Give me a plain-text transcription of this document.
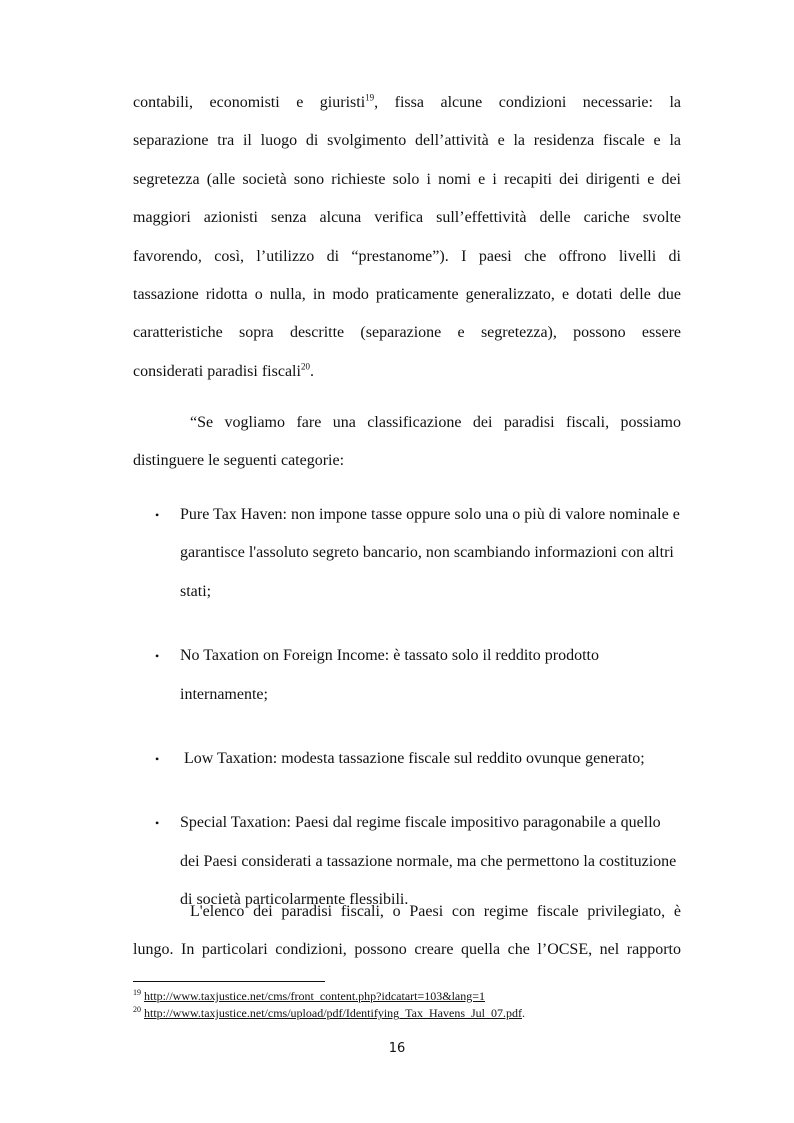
contabili, economisti e giuristi$^{19}$, fissa alcune condizioni necessarie: la
separazione tra il luogo di svolgimento dell’attività e la residenza fiscale e la
segretezza (alle società sono richieste solo i nomi e i recapiti dei dirigenti e dei
maggiori azionisti senza alcuna verifica sull’effettività delle cariche svolte
favorendo, così, l’utilizzo di “prestanome”). I paesi che offrono livelli di
tassazione ridotta o nulla, in modo praticamente generalizzato, e dotati delle due
caratteristiche sopra descritte (separazione e segretezza), possono essere
considerati paradisi fiscali$^{20}$.

“Se vogliamo fare una classificazione dei paradisi fiscali, possiamo
distinguere le seguenti categorie:

• Pure Tax Haven: non impone tasse oppure solo una o più di valore nominale e garantisce l'assoluto segreto bancario, non scambiando informazioni con altri stati;
• No Taxation on Foreign Income: è tassato solo il reddito prodotto internamente;
• Low Taxation: modesta tassazione fiscale sul reddito ovunque generato;
• Special Taxation: Paesi dal regime fiscale impositivo paragonabile a quello dei Paesi considerati a tassazione normale, ma che permettono la costituzione di società particolarmente flessibili.

L'elenco dei paradisi fiscali, o Paesi con regime fiscale privilegiato, è
lungo. In particolari condizioni, possono creare quella che l’OCSE, nel rapporto

$^{19}$ http://www.taxjustice.net/cms/front_content.php?idcatart=103&lang=1
$^{20}$ http://www.taxjustice.net/cms/upload/pdf/Identifying_Tax_Havens_Jul_07.pdf.
16
